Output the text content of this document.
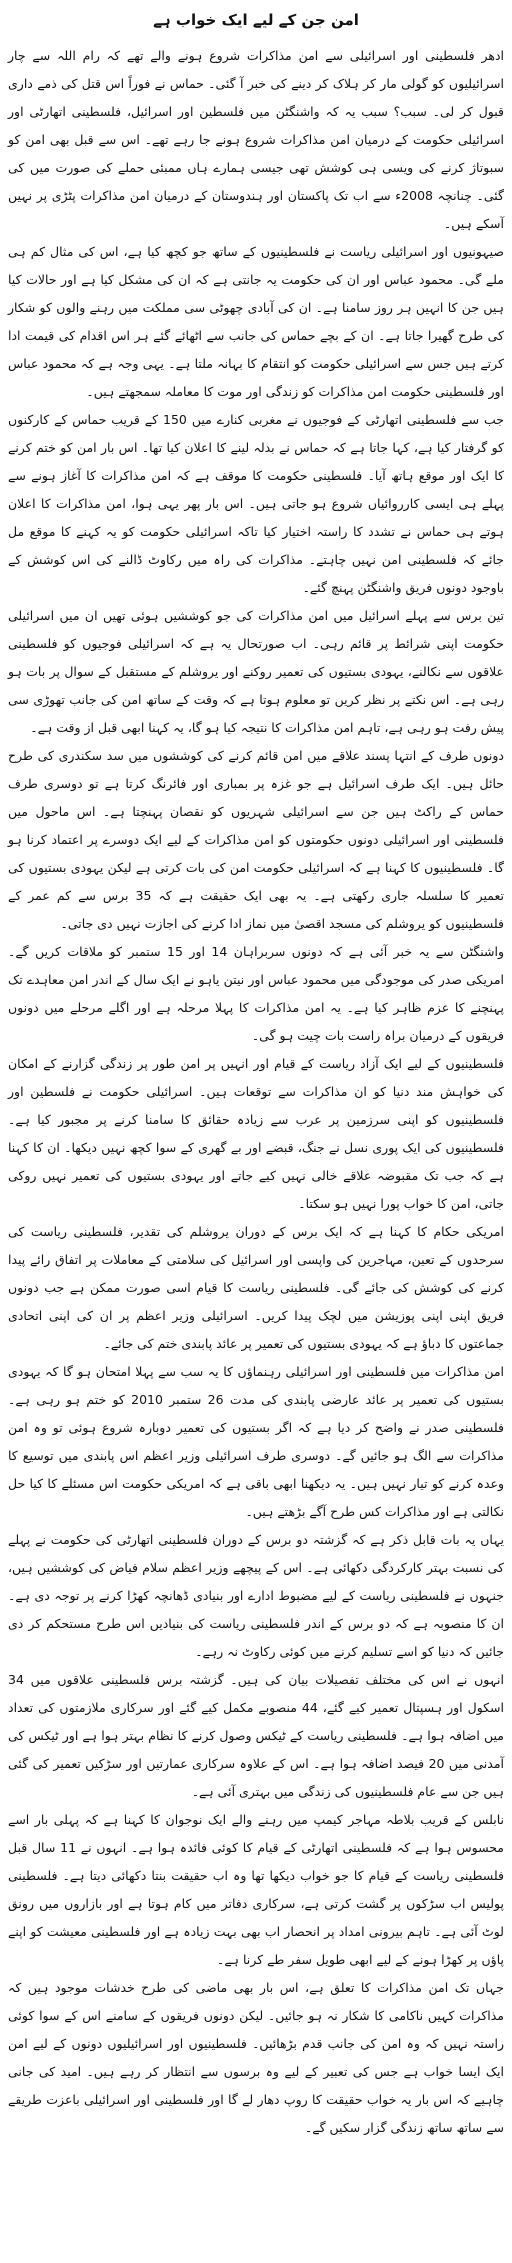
امن جن کے لیے ایک خواب ہے

ادھر فلسطینی اور اسرائیلی سے امن مذاکرات شروع ہونے والے تھے کہ رام اللہ سے چار اسرائیلیوں کو گولی مار کر ہلاک کر دینے کی خبر آ گئی۔ حماس نے فوراً اس قتل کی ذمے داری قبول کر لی۔ سبب؟ سبب یہ کہ واشنگٹن میں فلسطین اور اسرائیل، فلسطینی اتھارٹی اور اسرائیلی حکومت کے درمیان امن مذاکرات شروع ہونے جا رہے تھے۔ اس سے قبل بھی امن کو سبوتاژ کرنے کی ویسی ہی کوشش تھی جیسی ہمارے ہاں ممبئی حملے کی صورت میں کی گئی۔ چنانچہ 2008ء سے اب تک پاکستان اور ہندوستان کے درمیان امن مذاکرات پٹڑی پر نہیں آسکے ہیں۔

صیہونیوں اور اسرائیلی ریاست نے فلسطینیوں کے ساتھ جو کچھ کیا ہے، اس کی مثال کم ہی ملے گی۔ محمود عباس اور ان کی حکومت یہ جانتی ہے کہ ان کی مشکل کیا ہے اور حالات کیا ہیں جن کا انہیں ہر روز سامنا ہے۔ ان کی آبادی چھوٹی سی مملکت میں رہنے والوں کو شکار کی طرح گھیرا جاتا ہے۔ ان کے بچے حماس کی جانب سے اٹھائے گئے ہر اس اقدام کی قیمت ادا کرتے ہیں جس سے اسرائیلی حکومت کو انتقام کا بہانہ ملتا ہے۔ یہی وجہ ہے کہ محمود عباس اور فلسطینی حکومت امن مذاکرات کو زندگی اور موت کا معاملہ سمجھتے ہیں۔

جب سے فلسطینی اتھارٹی کے فوجیوں نے مغربی کنارے میں 150 کے قریب حماس کے کارکنوں کو گرفتار کیا ہے، کہا جاتا ہے کہ حماس نے بدلہ لینے کا اعلان کیا تھا۔ اس بار امن کو ختم کرنے کا ایک اور موقع ہاتھ آیا۔ فلسطینی حکومت کا موقف ہے کہ امن مذاکرات کا آغاز ہونے سے پہلے ہی ایسی کارروائیاں شروع ہو جاتی ہیں۔ اس بار پھر یہی ہوا، امن مذاکرات کا اعلان ہوتے ہی حماس نے تشدد کا راستہ اختیار کیا تاکہ اسرائیلی حکومت کو یہ کہنے کا موقع مل جائے کہ فلسطینی امن نہیں چاہتے۔ مذاکرات کی راہ میں رکاوٹ ڈالنے کی اس کوشش کے باوجود دونوں فریق واشنگٹن پہنچ گئے۔

تین برس سے پہلے اسرائیل میں امن مذاکرات کی جو کوششیں ہوئی تھیں ان میں اسرائیلی حکومت اپنی شرائط پر قائم رہی۔ اب صورتحال یہ ہے کہ اسرائیلی فوجیوں کو فلسطینی علاقوں سے نکالنے، یہودی بستیوں کی تعمیر روکنے اور یروشلم کے مستقبل کے سوال پر بات ہو رہی ہے۔ اس نکتے پر نظر کریں تو معلوم ہوتا ہے کہ وقت کے ساتھ امن کی جانب تھوڑی سی پیش رفت ہو رہی ہے، تاہم امن مذاکرات کا نتیجہ کیا ہو گا، یہ کہنا ابھی قبل از وقت ہے۔

دونوں طرف کے انتہا پسند علاقے میں امن قائم کرنے کی کوششوں میں سد سکندری کی طرح حائل ہیں۔ ایک طرف اسرائیل ہے جو غزہ پر بمباری اور فائرنگ کرتا ہے تو دوسری طرف حماس کے راکٹ ہیں جن سے اسرائیلی شہریوں کو نقصان پہنچتا ہے۔ اس ماحول میں فلسطینی اور اسرائیلی دونوں حکومتوں کو امن مذاکرات کے لیے ایک دوسرے پر اعتماد کرنا ہو گا۔ فلسطینیوں کا کہنا ہے کہ اسرائیلی حکومت امن کی بات کرتی ہے لیکن یہودی بستیوں کی تعمیر کا سلسلہ جاری رکھتی ہے۔ یہ بھی ایک حقیقت ہے کہ 35 برس سے کم عمر کے فلسطینیوں کو یروشلم کی مسجد اقصیٰ میں نماز ادا کرنے کی اجازت نہیں دی جاتی۔

واشنگٹن سے یہ خبر آئی ہے کہ دونوں سربراہان 14 اور 15 ستمبر کو ملاقات کریں گے۔ امریکی صدر کی موجودگی میں محمود عباس اور نیتن یاہو نے ایک سال کے اندر امن معاہدے تک پہنچنے کا عزم ظاہر کیا ہے۔ یہ امن مذاکرات کا پہلا مرحلہ ہے اور اگلے مرحلے میں دونوں فریقوں کے درمیان براہ راست بات چیت ہو گی۔

فلسطینیوں کے لیے ایک آزاد ریاست کے قیام اور انہیں پر امن طور پر زندگی گزارنے کے امکان کی خواہش مند دنیا کو ان مذاکرات سے توقعات ہیں۔ اسرائیلی حکومت نے فلسطین اور فلسطینیوں کو اپنی سرزمین پر عرب سے زیادہ حقائق کا سامنا کرنے پر مجبور کیا ہے۔ فلسطینیوں کی ایک پوری نسل نے جنگ، قبضے اور بے گھری کے سوا کچھ نہیں دیکھا۔ ان کا کہنا ہے کہ جب تک مقبوضہ علاقے خالی نہیں کیے جاتے اور یہودی بستیوں کی تعمیر نہیں روکی جاتی، امن کا خواب پورا نہیں ہو سکتا۔

امریکی حکام کا کہنا ہے کہ ایک برس کے دوران یروشلم کی تقدیر، فلسطینی ریاست کی سرحدوں کے تعین، مہاجرین کی واپسی اور اسرائیل کی سلامتی کے معاملات پر اتفاق رائے پیدا کرنے کی کوشش کی جائے گی۔ فلسطینی ریاست کا قیام اسی صورت ممکن ہے جب دونوں فریق اپنی اپنی پوزیشن میں لچک پیدا کریں۔ اسرائیلی وزیر اعظم پر ان کی اپنی اتحادی جماعتوں کا دباؤ ہے کہ یہودی بستیوں کی تعمیر پر عائد پابندی ختم کی جائے۔

امن مذاکرات میں فلسطینی اور اسرائیلی رہنماؤں کا یہ سب سے پہلا امتحان ہو گا کہ یہودی بستیوں کی تعمیر پر عائد عارضی پابندی کی مدت 26 ستمبر 2010 کو ختم ہو رہی ہے۔ فلسطینی صدر نے واضح کر دیا ہے کہ اگر بستیوں کی تعمیر دوبارہ شروع ہوئی تو وہ امن مذاکرات سے الگ ہو جائیں گے۔ دوسری طرف اسرائیلی وزیر اعظم اس پابندی میں توسیع کا وعدہ کرنے کو تیار نہیں ہیں۔ یہ دیکھنا ابھی باقی ہے کہ امریکی حکومت اس مسئلے کا کیا حل نکالتی ہے اور مذاکرات کس طرح آگے بڑھتے ہیں۔

یہاں یہ بات قابل ذکر ہے کہ گزشتہ دو برس کے دوران فلسطینی اتھارٹی کی حکومت نے پہلے کی نسبت بہتر کارکردگی دکھائی ہے۔ اس کے پیچھے وزیر اعظم سلام فیاض کی کوششیں ہیں، جنہوں نے فلسطینی ریاست کے لیے مضبوط ادارے اور بنیادی ڈھانچہ کھڑا کرنے پر توجہ دی ہے۔ ان کا منصوبہ ہے کہ دو برس کے اندر فلسطینی ریاست کی بنیادیں اس طرح مستحکم کر دی جائیں کہ دنیا کو اسے تسلیم کرنے میں کوئی رکاوٹ نہ رہے۔

انہوں نے اس کی مختلف تفصیلات بیان کی ہیں۔ گزشتہ برس فلسطینی علاقوں میں 34 اسکول اور ہسپتال تعمیر کیے گئے، 44 منصوبے مکمل کیے گئے اور سرکاری ملازمتوں کی تعداد میں اضافہ ہوا ہے۔ فلسطینی ریاست کے ٹیکس وصول کرنے کا نظام بہتر ہوا ہے اور ٹیکس کی آمدنی میں 20 فیصد اضافہ ہوا ہے۔ اس کے علاوہ سرکاری عمارتیں اور سڑکیں تعمیر کی گئی ہیں جن سے عام فلسطینیوں کی زندگی میں بہتری آئی ہے۔

نابلس کے قریب بلاطہ مہاجر کیمپ میں رہنے والے ایک نوجوان کا کہنا ہے کہ پہلی بار اسے محسوس ہوا ہے کہ فلسطینی اتھارٹی کے قیام کا کوئی فائدہ ہوا ہے۔ انہوں نے 11 سال قبل فلسطینی ریاست کے قیام کا جو خواب دیکھا تھا وہ اب حقیقت بنتا دکھائی دیتا ہے۔ فلسطینی پولیس اب سڑکوں پر گشت کرتی ہے، سرکاری دفاتر میں کام ہوتا ہے اور بازاروں میں رونق لوٹ آئی ہے۔ تاہم بیرونی امداد پر انحصار اب بھی بہت زیادہ ہے اور فلسطینی معیشت کو اپنے پاؤں پر کھڑا ہونے کے لیے ابھی طویل سفر طے کرنا ہے۔

جہاں تک امن مذاکرات کا تعلق ہے، اس بار بھی ماضی کی طرح خدشات موجود ہیں کہ مذاکرات کہیں ناکامی کا شکار نہ ہو جائیں۔ لیکن دونوں فریقوں کے سامنے اس کے سوا کوئی راستہ نہیں کہ وہ امن کی جانب قدم بڑھائیں۔ فلسطینیوں اور اسرائیلیوں دونوں کے لیے امن ایک ایسا خواب ہے جس کی تعبیر کے لیے وہ برسوں سے انتظار کر رہے ہیں۔ امید کی جانی چاہیے کہ اس بار یہ خواب حقیقت کا روپ دھار لے گا اور فلسطینی اور اسرائیلی باعزت طریقے سے ساتھ ساتھ زندگی گزار سکیں گے۔
